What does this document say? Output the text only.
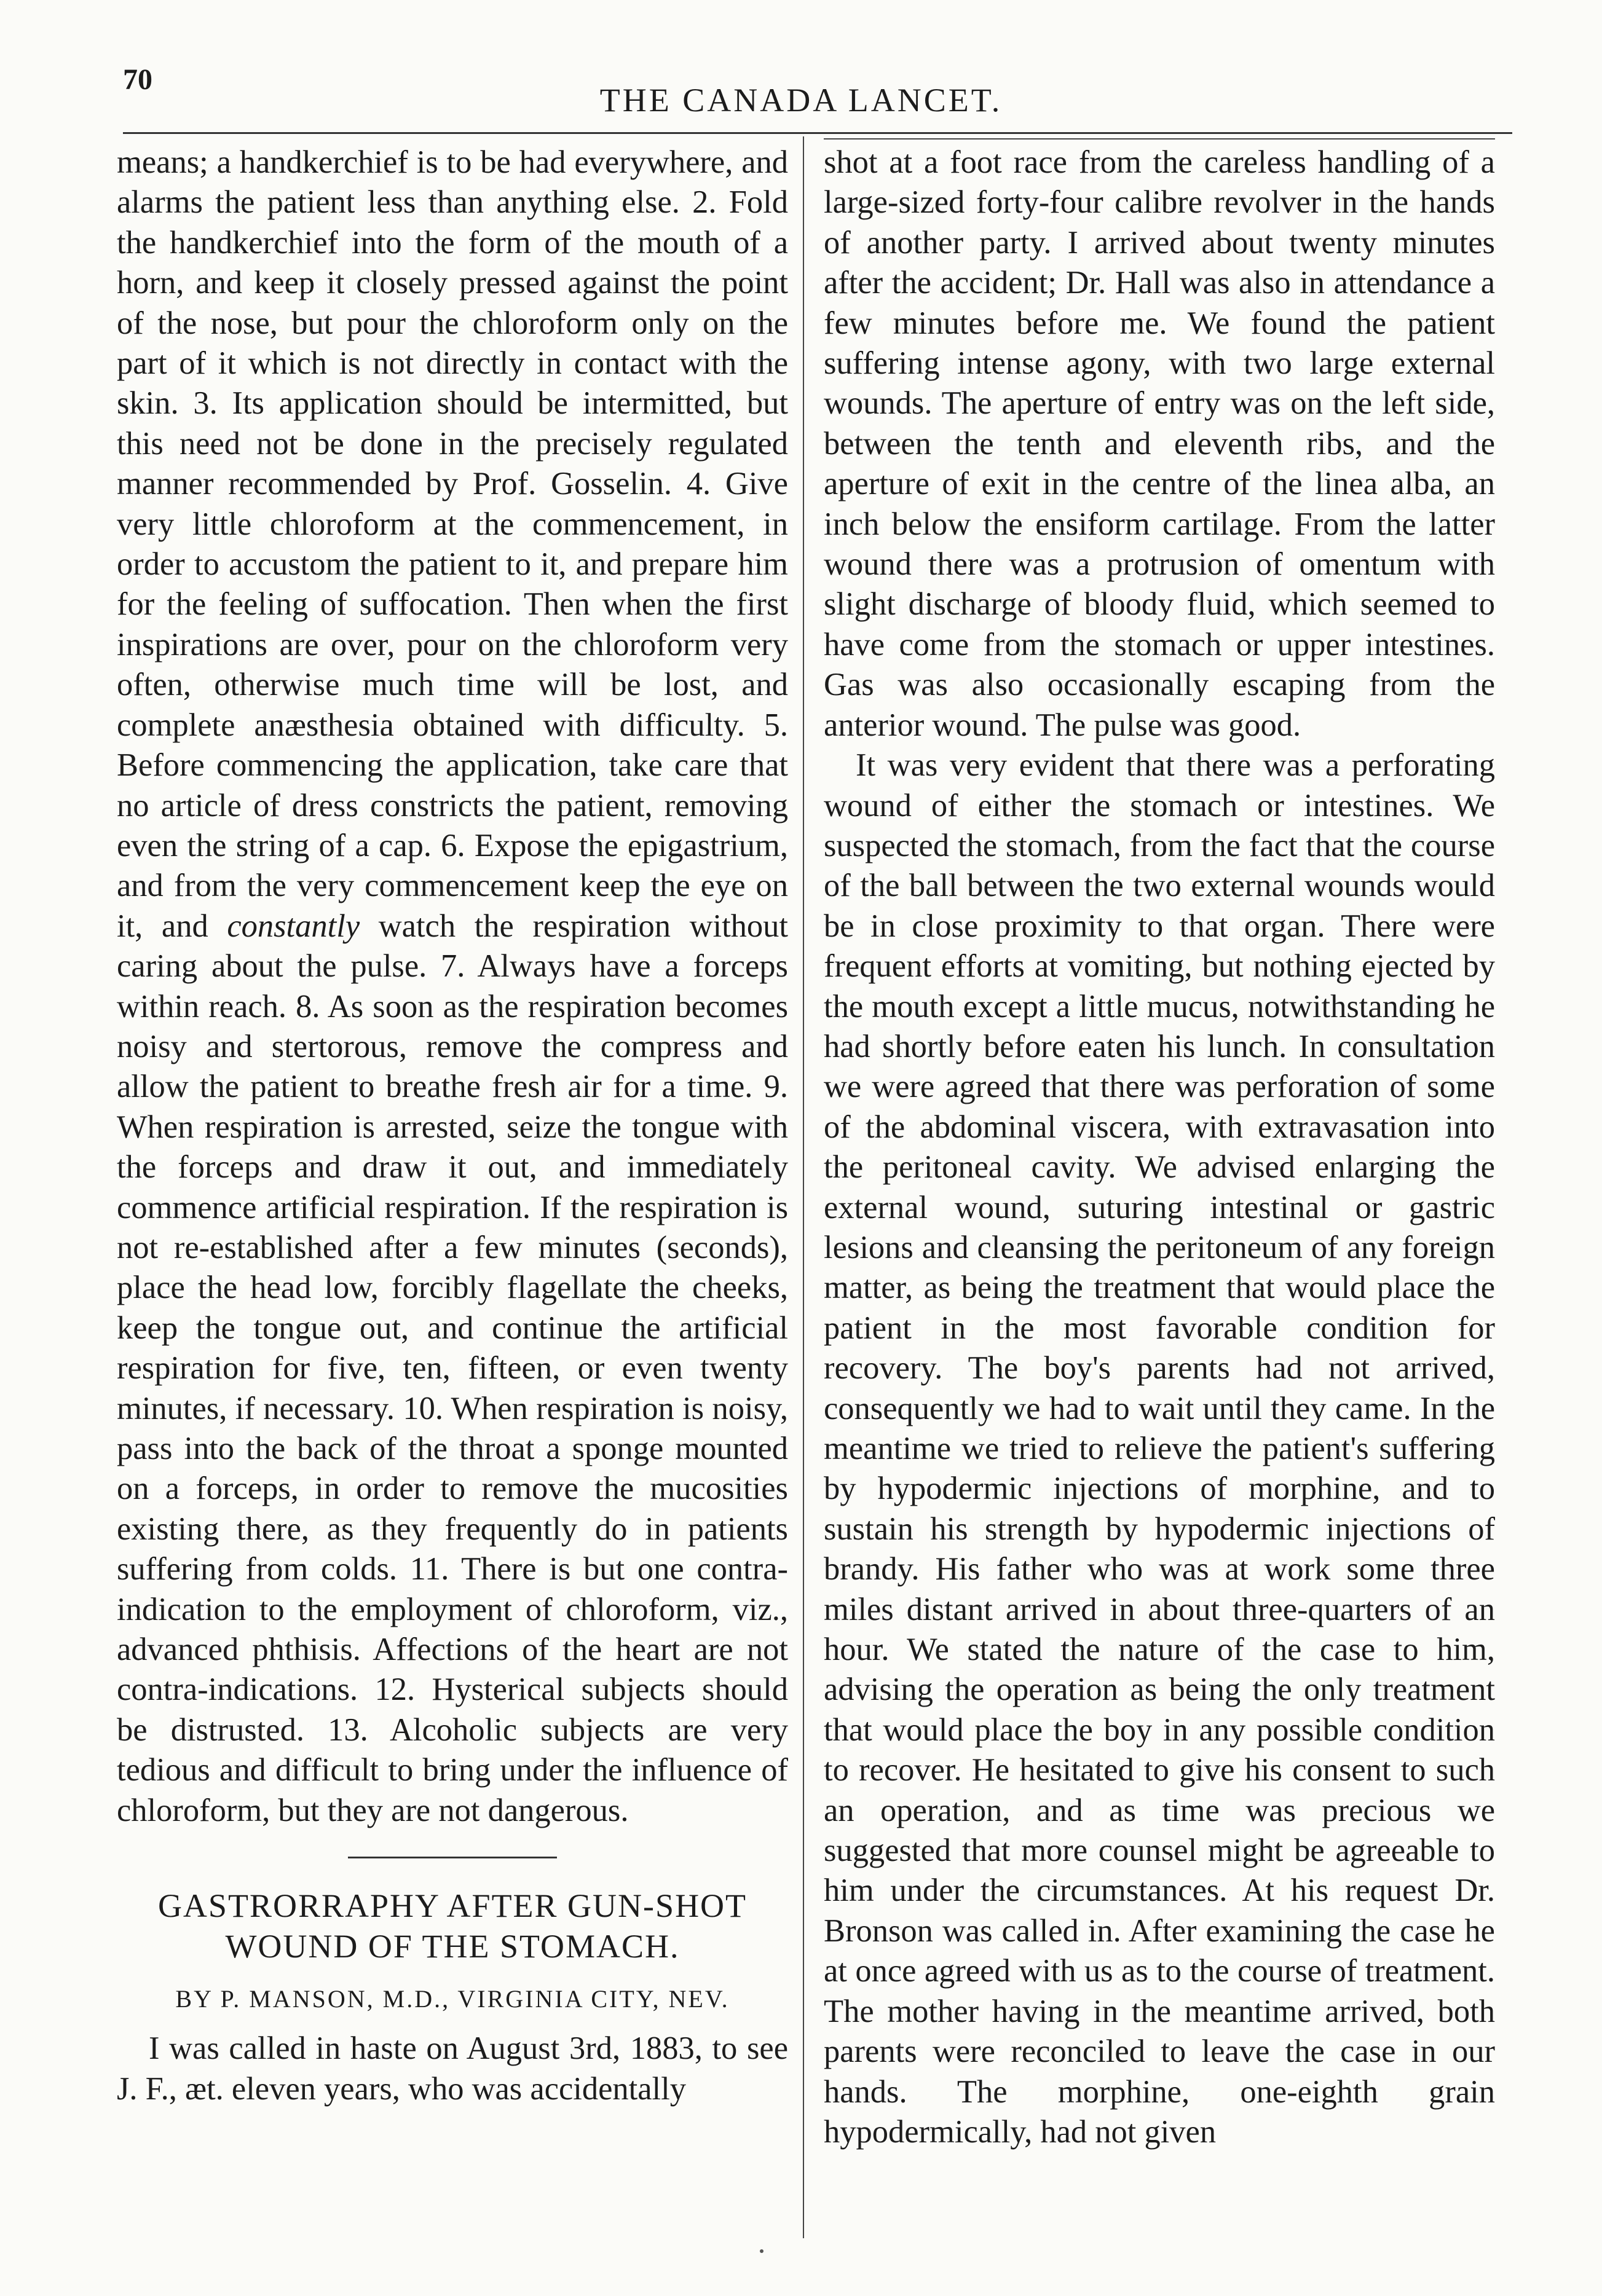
70
THE CANADA LANCET.

means; a handkerchief is to be had everywhere, and alarms the patient less than anything else. 2. Fold the handkerchief into the form of the mouth of a horn, and keep it closely pressed against the point of the nose, but pour the chloroform only on the part of it which is not directly in contact with the skin. 3. Its application should be intermitted, but this need not be done in the precisely regulated manner recommended by Prof. Gosselin. 4. Give very little chloroform at the commencement, in order to accustom the patient to it, and prepare him for the feeling of suffocation. Then when the first inspirations are over, pour on the chloroform very often, otherwise much time will be lost, and complete anæsthesia obtained with difficulty. 5. Before commencing the application, take care that no article of dress constricts the patient, removing even the string of a cap. 6. Expose the epigastrium, and from the very commencement keep the eye on it, and constantly watch the respiration without caring about the pulse. 7. Always have a forceps within reach. 8. As soon as the respiration becomes noisy and stertorous, remove the compress and allow the patient to breathe fresh air for a time. 9. When respiration is arrested, seize the tongue with the forceps and draw it out, and immediately commence artificial respiration. If the respiration is not re-established after a few minutes (seconds), place the head low, forcibly flagellate the cheeks, keep the tongue out, and continue the artificial respiration for five, ten, fifteen, or even twenty minutes, if necessary. 10. When respiration is noisy, pass into the back of the throat a sponge mounted on a forceps, in order to remove the mucosities existing there, as they frequently do in patients suffering from colds. 11. There is but one contra-indication to the employment of chloroform, viz., advanced phthisis. Affections of the heart are not contra-indications. 12. Hysterical subjects should be distrusted. 13. Alcoholic subjects are very tedious and difficult to bring under the influence of chloroform, but they are not dangerous.

GASTRORRAPHY AFTER GUN-SHOT WOUND OF THE STOMACH.
BY P. MANSON, M.D., VIRGINIA CITY, NEV.

I was called in haste on August 3rd, 1883, to see J. F., æt. eleven years, who was accidentally

shot at a foot race from the careless handling of a large-sized forty-four calibre revolver in the hands of another party. I arrived about twenty minutes after the accident; Dr. Hall was also in attendance a few minutes before me. We found the patient suffering intense agony, with two large external wounds. The aperture of entry was on the left side, between the tenth and eleventh ribs, and the aperture of exit in the centre of the linea alba, an inch below the ensiform cartilage. From the latter wound there was a protrusion of omentum with slight discharge of bloody fluid, which seemed to have come from the stomach or upper intestines. Gas was also occasionally escaping from the anterior wound. The pulse was good.

It was very evident that there was a perforating wound of either the stomach or intestines. We suspected the stomach, from the fact that the course of the ball between the two external wounds would be in close proximity to that organ. There were frequent efforts at vomiting, but nothing ejected by the mouth except a little mucus, notwithstanding he had shortly before eaten his lunch. In consultation we were agreed that there was perforation of some of the abdominal viscera, with extravasation into the peritoneal cavity. We advised enlarging the external wound, suturing intestinal or gastric lesions and cleansing the peritoneum of any foreign matter, as being the treatment that would place the patient in the most favorable condition for recovery. The boy's parents had not arrived, consequently we had to wait until they came. In the meantime we tried to relieve the patient's suffering by hypodermic injections of morphine, and to sustain his strength by hypodermic injections of brandy. His father who was at work some three miles distant arrived in about three-quarters of an hour. We stated the nature of the case to him, advising the operation as being the only treatment that would place the boy in any possible condition to recover. He hesitated to give his consent to such an operation, and as time was precious we suggested that more counsel might be agreeable to him under the circumstances. At his request Dr. Bronson was called in. After examining the case he at once agreed with us as to the course of treatment. The mother having in the meantime arrived, both parents were reconciled to leave the case in our hands. The morphine, one-eighth grain hypodermically, had not given
